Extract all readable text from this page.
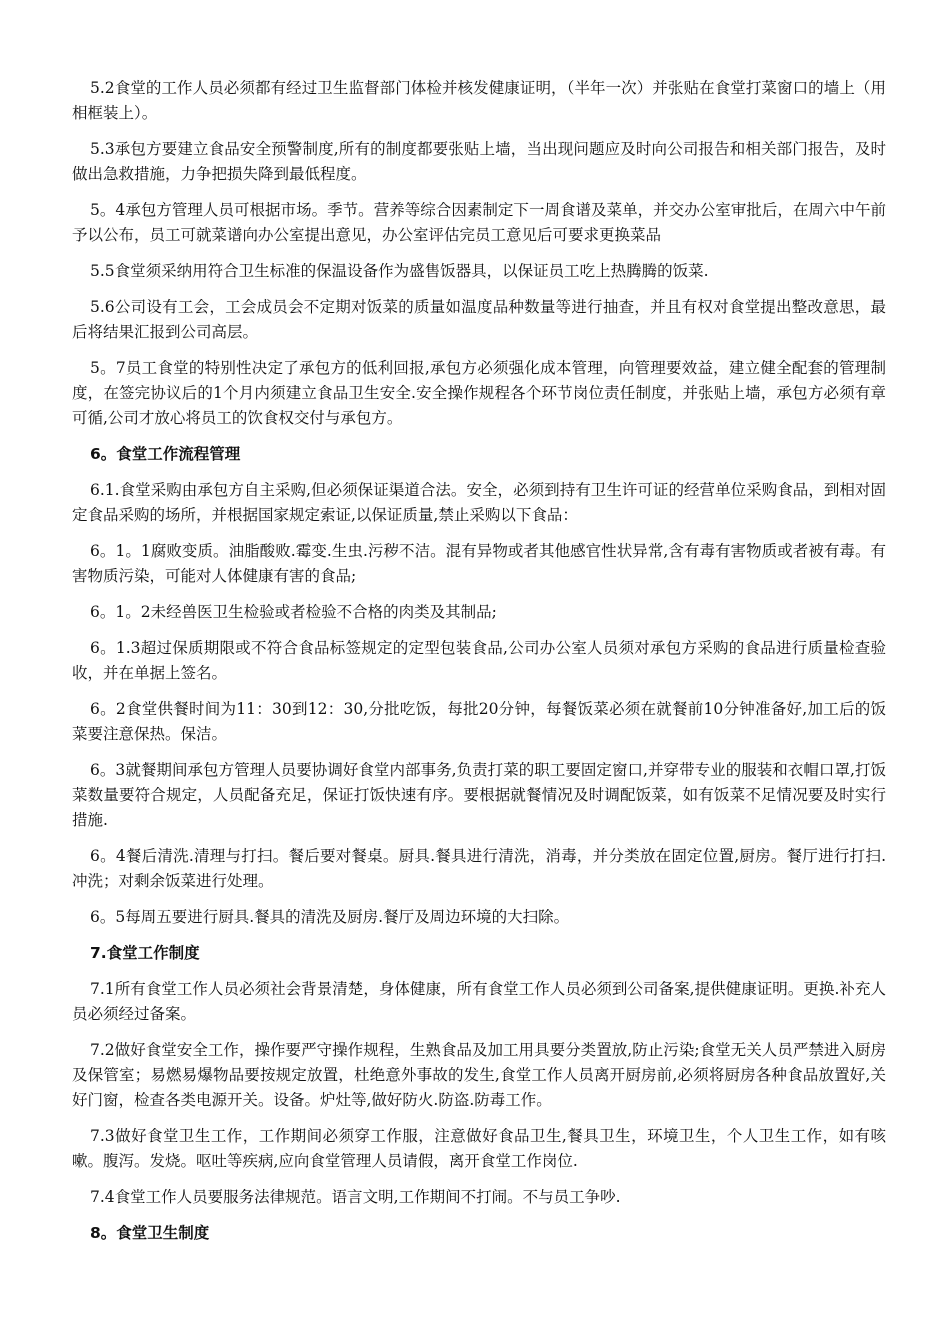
5.2食堂的工作人员必须都有经过卫生监督部门体检并核发健康证明，（半年一次）并张贴在食堂打菜窗口的墙上（用相框装上）。

5.3承包方要建立食品安全预警制度,所有的制度都要张贴上墙，当出现问题应及时向公司报告和相关部门报告，及时做出急救措施，力争把损失降到最低程度。

5。4承包方管理人员可根据市场。季节。营养等综合因素制定下一周食谱及菜单，并交办公室审批后，在周六中午前予以公布，员工可就菜谱向办公室提出意见，办公室评估完员工意见后可要求更换菜品

5.5食堂须采纳用符合卫生标准的保温设备作为盛售饭器具，以保证员工吃上热腾腾的饭菜.

5.6公司设有工会，工会成员会不定期对饭菜的质量如温度品种数量等进行抽查，并且有权对食堂提出整改意思，最后将结果汇报到公司高层。

5。7员工食堂的特别性决定了承包方的低利回报,承包方必须强化成本管理，向管理要效益，建立健全配套的管理制度，在签完协议后的1个月内须建立食品卫生安全.安全操作规程各个环节岗位责任制度，并张贴上墙，承包方必须有章可循,公司才放心将员工的饮食权交付与承包方。

6。食堂工作流程管理

6.1.食堂采购由承包方自主采购,但必须保证渠道合法。安全，必须到持有卫生许可证的经营单位采购食品，到相对固定食品采购的场所，并根据国家规定索证,以保证质量,禁止采购以下食品：

6。1。1腐败变质。油脂酸败.霉变.生虫.污秽不洁。混有异物或者其他感官性状异常,含有毒有害物质或者被有毒。有害物质污染，可能对人体健康有害的食品;

6。1。2未经兽医卫生检验或者检验不合格的肉类及其制品;

6。1.3超过保质期限或不符合食品标签规定的定型包装食品,公司办公室人员须对承包方采购的食品进行质量检查验收，并在单据上签名。

6。2食堂供餐时间为11：30到12：30,分批吃饭，每批20分钟，每餐饭菜必须在就餐前10分钟准备好,加工后的饭菜要注意保热。保洁。

6。3就餐期间承包方管理人员要协调好食堂内部事务,负责打菜的职工要固定窗口,并穿带专业的服装和衣帽口罩,打饭菜数量要符合规定，人员配备充足，保证打饭快速有序。要根据就餐情况及时调配饭菜，如有饭菜不足情况要及时实行措施.

6。4餐后清洗.清理与打扫。餐后要对餐桌。厨具.餐具进行清洗，消毒，并分类放在固定位置,厨房。餐厅进行打扫.冲洗；对剩余饭菜进行处理。

6。5每周五要进行厨具.餐具的清洗及厨房.餐厅及周边环境的大扫除。

7.食堂工作制度

7.1所有食堂工作人员必须社会背景清楚，身体健康，所有食堂工作人员必须到公司备案,提供健康证明。更换.补充人员必须经过备案。

7.2做好食堂安全工作，操作要严守操作规程，生熟食品及加工用具要分类置放,防止污染;食堂无关人员严禁进入厨房及保管室；易燃易爆物品要按规定放置，杜绝意外事故的发生,食堂工作人员离开厨房前,必须将厨房各种食品放置好,关好门窗，检查各类电源开关。设备。炉灶等,做好防火.防盗.防毒工作。

7.3做好食堂卫生工作，工作期间必须穿工作服，注意做好食品卫生,餐具卫生，环境卫生，个人卫生工作，如有咳嗽。腹泻。发烧。呕吐等疾病,应向食堂管理人员请假，离开食堂工作岗位.

7.4食堂工作人员要服务法律规范。语言文明,工作期间不打闹。不与员工争吵.

8。食堂卫生制度
